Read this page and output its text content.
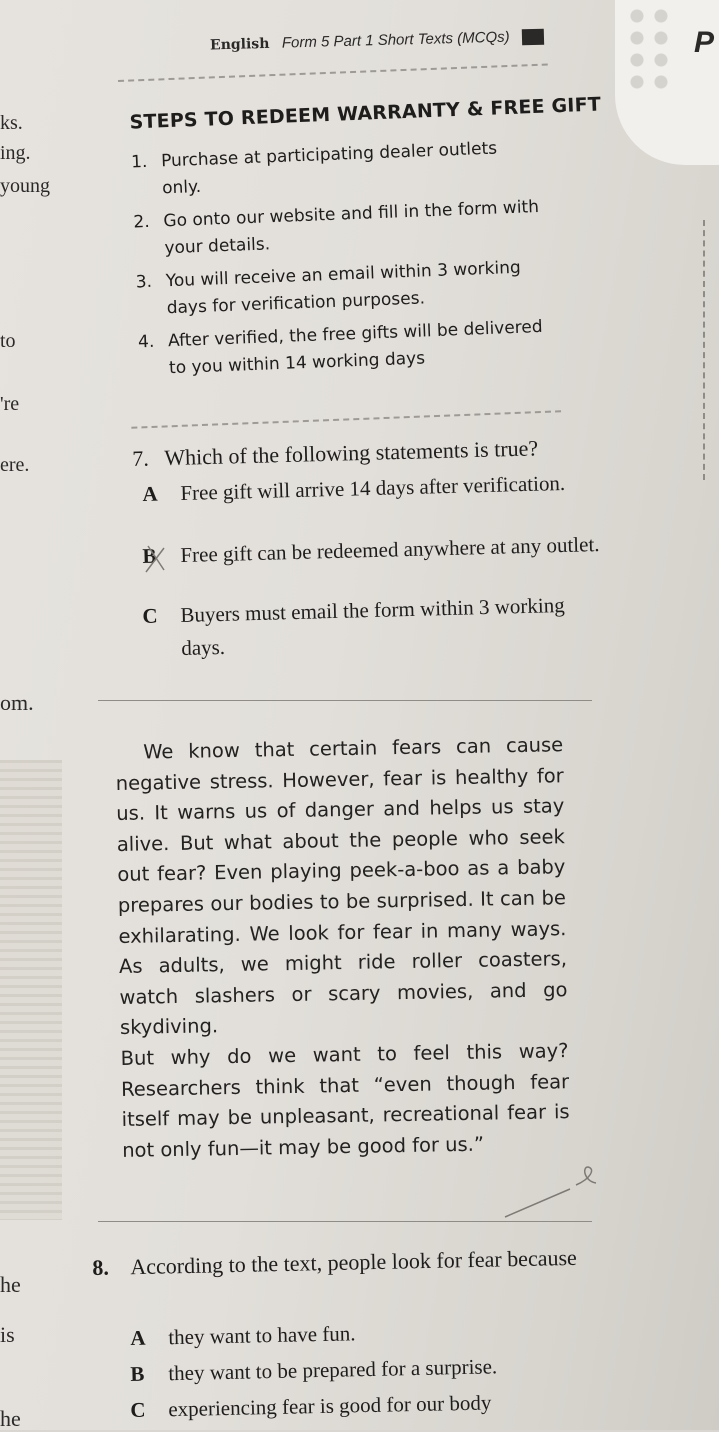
P
English Form 5 Part 1 Short Texts (MCQs)
ks.
ing.
young
to
're
ere.
om.
he
is
he
STEPS TO REDEEM WARRANTY & FREE GIFT
1. Purchase at participating dealer outlets only.
2. Go onto our website and fill in the form with your details.
3. You will receive an email within 3 working days for verification purposes.
4. After verified, the free gifts will be delivered to you within 14 working days
7. Which of the following statements is true?
A Free gift will arrive 14 days after verification.
B Free gift can be redeemed anywhere at any outlet.
C Buyers must email the form within 3 working days.

We know that certain fears can cause negative stress. However, fear is healthy for us. It warns us of danger and helps us stay alive. But what about the people who seek out fear? Even playing peek-a-boo as a baby prepares our bodies to be surprised. It can be exhilarating. We look for fear in many ways. As adults, we might ride roller coasters, watch slashers or scary movies, and go skydiving.

But why do we want to feel this way? Researchers think that “even though fear itself may be unpleasant, recreational fear is not only fun—it may be good for us.”

8. According to the text, people look for fear because
A they want to have fun.
B they want to be prepared for a surprise.
C experiencing fear is good for our body
